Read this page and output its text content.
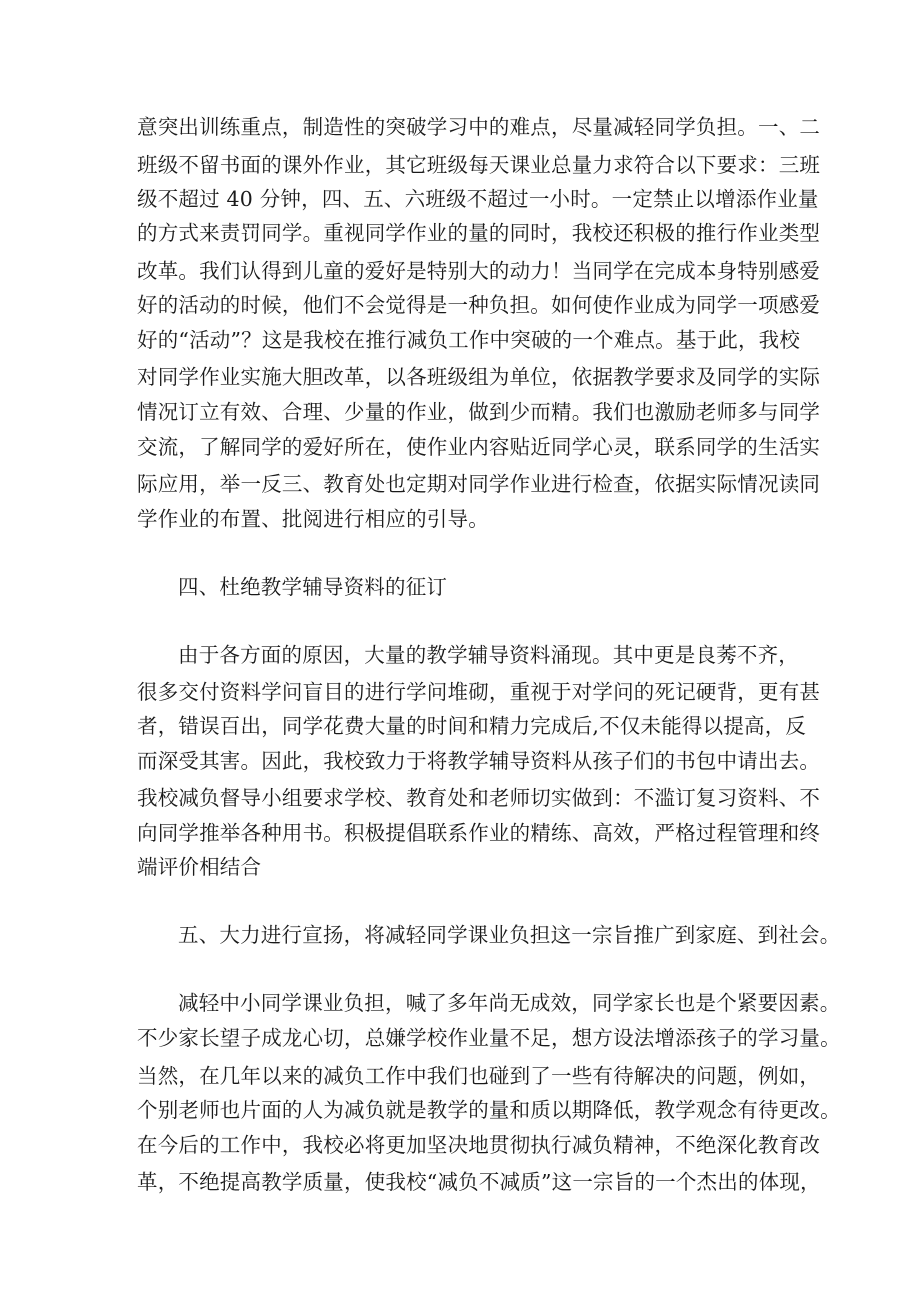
意突出训练重点，制造性的突破学习中的难点，尽量减轻同学负担。一、二
班级不留书面的课外作业，其它班级每天课业总量力求符合以下要求：三班
级不超过 40 分钟，四、五、六班级不超过一小时。一定禁止以增添作业量
的方式来责罚同学。重视同学作业的量的同时，我校还积极的推行作业类型
改革。我们认得到儿童的爱好是特别大的动力！当同学在完成本身特别感爱
好的活动的时候，他们不会觉得是一种负担。如何使作业成为同学一项感爱
好的“活动”？这是我校在推行减负工作中突破的一个难点。基于此，我校
对同学作业实施大胆改革，以各班级组为单位，依据教学要求及同学的实际
情况订立有效、合理、少量的作业，做到少而精。我们也激励老师多与同学
交流，了解同学的爱好所在，使作业内容贴近同学心灵，联系同学的生活实
际应用，举一反三、教育处也定期对同学作业进行检查，依据实际情况读同
学作业的布置、批阅进行相应的引导。
四、杜绝教学辅导资料的征订
由于各方面的原因，大量的教学辅导资料涌现。其中更是良莠不齐，
很多交付资料学问盲目的进行学问堆砌，重视于对学问的死记硬背，更有甚
者，错误百出，同学花费大量的时间和精力完成后,不仅未能得以提高，反
而深受其害。因此，我校致力于将教学辅导资料从孩子们的书包中请出去。
我校减负督导小组要求学校、教育处和老师切实做到：不滥订复习资料、不
向同学推举各种用书。积极提倡联系作业的精练、高效，严格过程管理和终
端评价相结合
五、大力进行宣扬，将减轻同学课业负担这一宗旨推广到家庭、到社会。
减轻中小同学课业负担，喊了多年尚无成效，同学家长也是个紧要因素。
不少家长望子成龙心切，总嫌学校作业量不足，想方设法增添孩子的学习量。
当然，在几年以来的减负工作中我们也碰到了一些有待解决的问题，例如，
个别老师也片面的人为减负就是教学的量和质以期降低，教学观念有待更改。
在今后的工作中，我校必将更加坚决地贯彻执行减负精神，不绝深化教育改
革，不绝提高教学质量，使我校“减负不减质”这一宗旨的一个杰出的体现，
